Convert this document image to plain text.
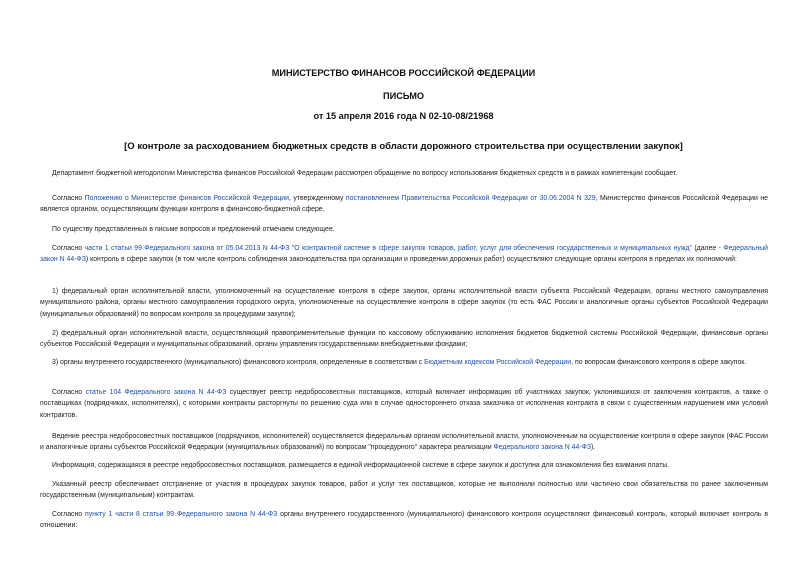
МИНИСТЕРСТВО ФИНАНСОВ РОССИЙСКОЙ ФЕДЕРАЦИИ
ПИСЬМО
от 15 апреля 2016 года N 02-10-08/21968
[О контроле за расходованием бюджетных средств в области дорожного строительства при осуществлении закупок]

Департамент бюджетной методологии Министерства финансов Российской Федерации рассмотрел обращение по вопросу использования бюджетных средств и в рамках компетенции сообщает.

Согласно Положению о Министерстве финансов Российской Федерации, утвержденному постановлением Правительства Российской Федерации от 30.06.2004 N 329, Министерство финансов Российской Федерации не является органом, осуществляющим функции контроля в финансово-бюджетной сфере.

По существу представленных в письме вопросов и предложений отмечаем следующее.

Согласно части 1 статьи 99 Федерального закона от 05.04.2013 N 44-ФЗ "О контрактной системе в сфере закупок товаров, работ, услуг для обеспечения государственных и муниципальных нужд" (далее - Федеральный закон N 44-ФЗ) контроль в сфере закупок (в том числе контроль соблюдения законодательства при организации и проведении дорожных работ) осуществляют следующие органы контроля в пределах их полномочий:

1) федеральный орган исполнительной власти, уполномоченный на осуществление контроля в сфере закупок, органы исполнительной власти субъекта Российской Федерации, органы местного самоуправления муниципального района, органы местного самоуправления городского округа, уполномоченные на осуществление контроля в сфере закупок (то есть ФАС России и аналогичные органы субъектов Российской Федерации (муниципальных образований) по вопросам контроля за процедурами закупок);

2) федеральный орган исполнительной власти, осуществляющий правоприменительные функции по кассовому обслуживанию исполнения бюджетов бюджетной системы Российской Федерации, финансовые органы субъектов Российской Федерации и муниципальных образований, органы управления государственными внебюджетными фондами;

3) органы внутреннего государственного (муниципального) финансового контроля, определенные в соответствии с Бюджетным кодексом Российской Федерации, по вопросам финансового контроля в сфере закупок.

Согласно статье 104 Федерального закона N 44-ФЗ существует реестр недобросовестных поставщиков, который включает информацию об участниках закупок, уклонившихся от заключения контрактов, а также о поставщиках (подрядчиках, исполнителях), с которыми контракты расторгнуты по решению суда или в случае одностороннего отказа заказчика от исполнения контракта в связи с существенным нарушением ими условий контрактов.

Ведение реестра недобросовестных поставщиков (подрядчиков, исполнителей) осуществляется федеральным органом исполнительной власти, уполномоченным на осуществление контроля в сфере закупок (ФАС России и аналогичные органы субъектов Российской Федерации (муниципальных образований) по вопросам "процедурного" характера реализации Федерального закона N 44-ФЗ).

Информация, содержащаяся в реестре недобросовестных поставщиков, размещается в единой информационной системе в сфере закупок и доступна для ознакомления без взимания платы.

Указанный реестр обеспечивает отстранение от участия в процедурах закупок товаров, работ и услуг тех поставщиков, которые не выполнили полностью или частично свои обязательства по ранее заключенным государственным (муниципальным) контрактам.

Согласно пункту 1 части 8 статьи 99 Федерального закона N 44-ФЗ органы внутреннего государственного (муниципального) финансового контроля осуществляют финансовый контроль, который включает контроль в отношении:
